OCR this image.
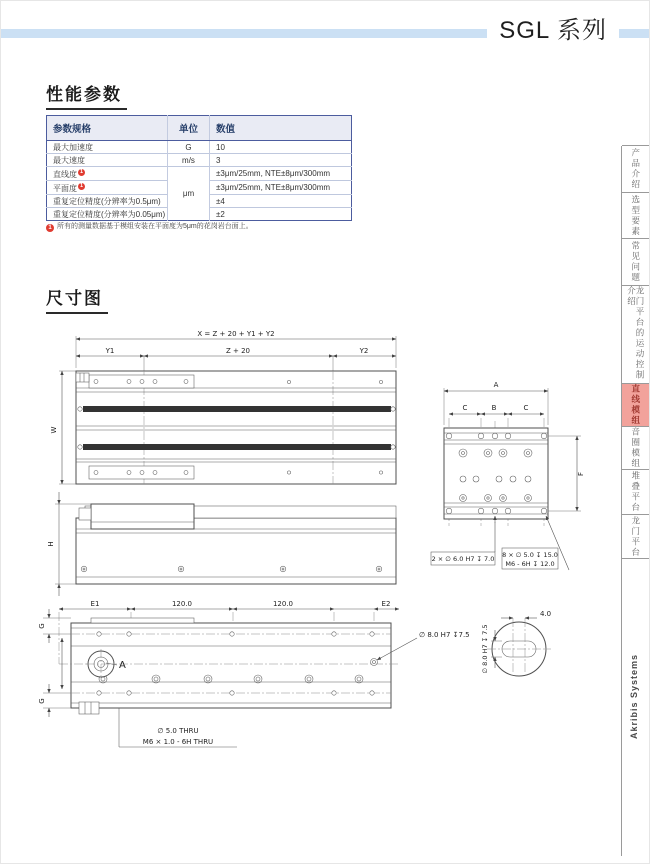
SGL 系列
性能参数
参数规格	单位	数值
最大加速度	G	10
最大速度	m/s	3
直线度 1	μm	±3μm/25mm, NTE±8μm/300mm
平面度 1		±3μm/25mm, NTE±8μm/300mm
重复定位精度(分辨率为0.5μm)		±4
重复定位精度(分辨率为0.05μm)		±2
1 所有的测量数据基于模组安装在平面度为5μm的花岗岩台面上。
尺寸图
X = Z + 20 + Y1 + Y2
Y1	Z + 20	Y2
W
H
E1	120.0	120.0	E2
A
∅ 8.0 H7 ↧7.5
G
G
∅ 5.0 THRU
M6 × 1.0 - 6H THRU
A
C	B	C
F
2 × ∅ 6.0 H7 ↧ 7.0 8 × ∅ 5.0 ↧ 15.0
M6 - 6H ↧ 12.0
4.0
∅ 8.0 H7 ↧ 7.5
产品介绍
选型要素
常见问题
龙门平台的运动控制介绍
直线模组
音圈模组
堆叠平台
龙门平台
Akribis Systems
